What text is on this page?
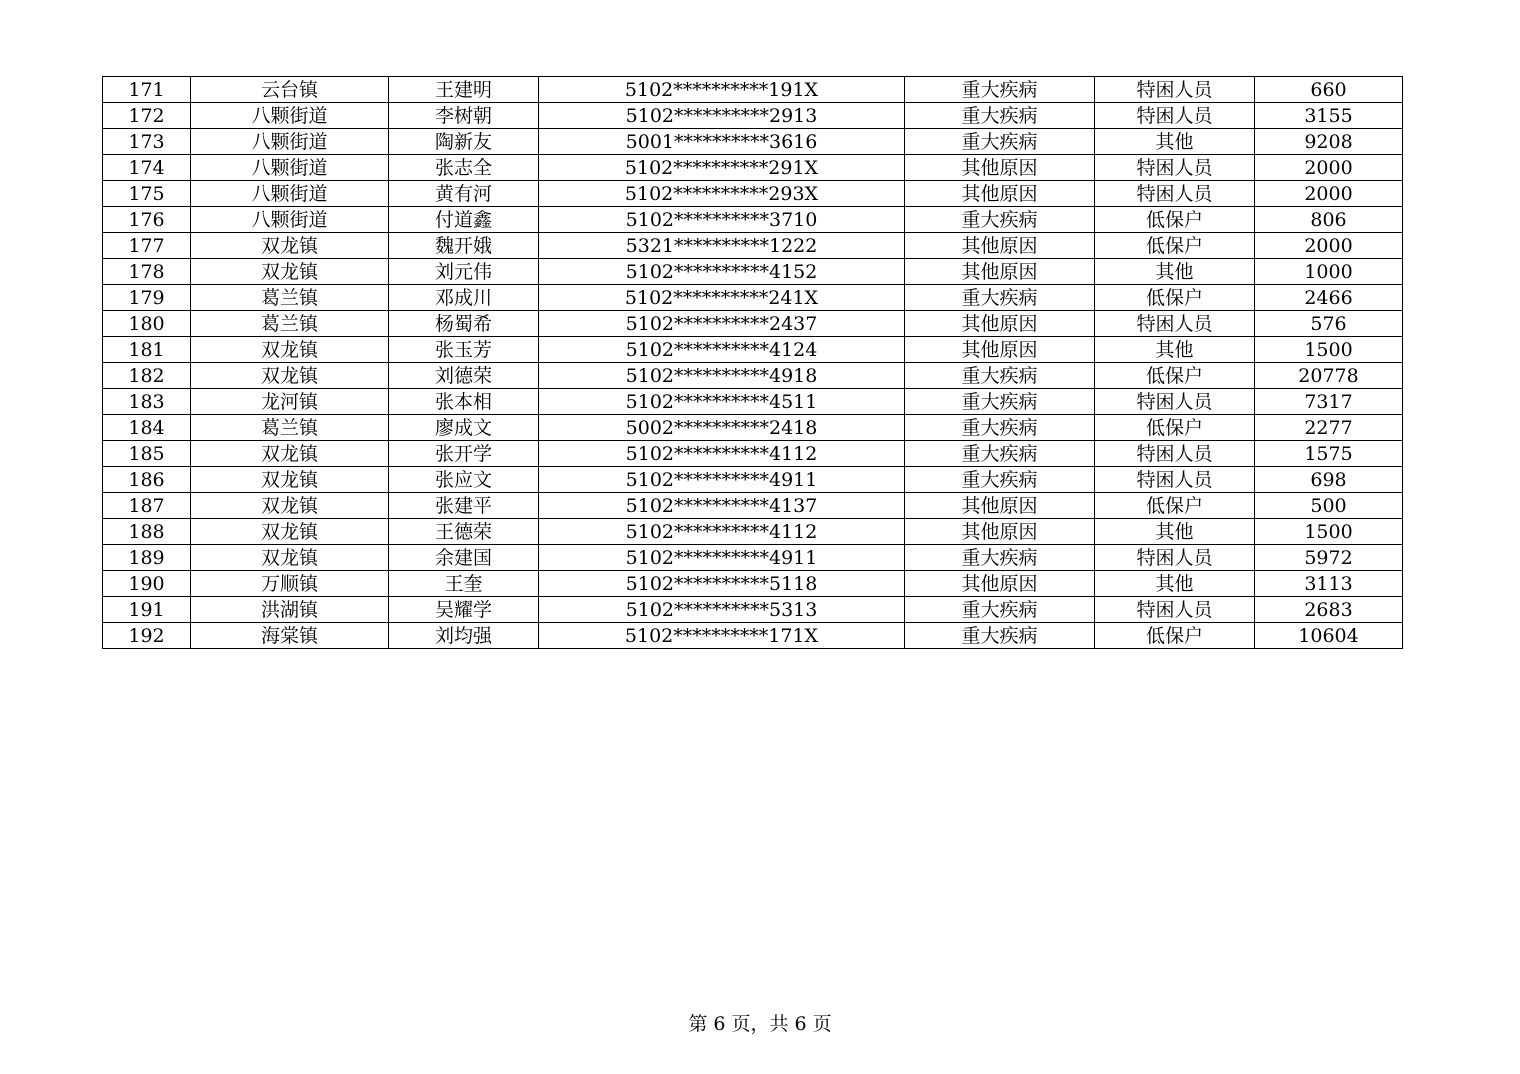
171	云台镇	王建明	5102**********191X	重大疾病	特困人员	660
172	八颗街道	李树朝	5102**********2913	重大疾病	特困人员	3155
173	八颗街道	陶新友	5001**********3616	重大疾病	其他	9208
174	八颗街道	张志全	5102**********291X	其他原因	特困人员	2000
175	八颗街道	黄有河	5102**********293X	其他原因	特困人员	2000
176	八颗街道	付道鑫	5102**********3710	重大疾病	低保户	806
177	双龙镇	魏开娥	5321**********1222	其他原因	低保户	2000
178	双龙镇	刘元伟	5102**********4152	其他原因	其他	1000
179	葛兰镇	邓成川	5102**********241X	重大疾病	低保户	2466
180	葛兰镇	杨蜀希	5102**********2437	其他原因	特困人员	576
181	双龙镇	张玉芳	5102**********4124	其他原因	其他	1500
182	双龙镇	刘德荣	5102**********4918	重大疾病	低保户	20778
183	龙河镇	张本相	5102**********4511	重大疾病	特困人员	7317
184	葛兰镇	廖成文	5002**********2418	重大疾病	低保户	2277
185	双龙镇	张开学	5102**********4112	重大疾病	特困人员	1575
186	双龙镇	张应文	5102**********4911	重大疾病	特困人员	698
187	双龙镇	张建平	5102**********4137	其他原因	低保户	500
188	双龙镇	王德荣	5102**********4112	其他原因	其他	1500
189	双龙镇	余建国	5102**********4911	重大疾病	特困人员	5972
190	万顺镇	王奎	5102**********5118	其他原因	其他	3113
191	洪湖镇	吴耀学	5102**********5313	重大疾病	特困人员	2683
192	海棠镇	刘均强	5102**********171X	重大疾病	低保户	10604
第 6 页，共 6 页
